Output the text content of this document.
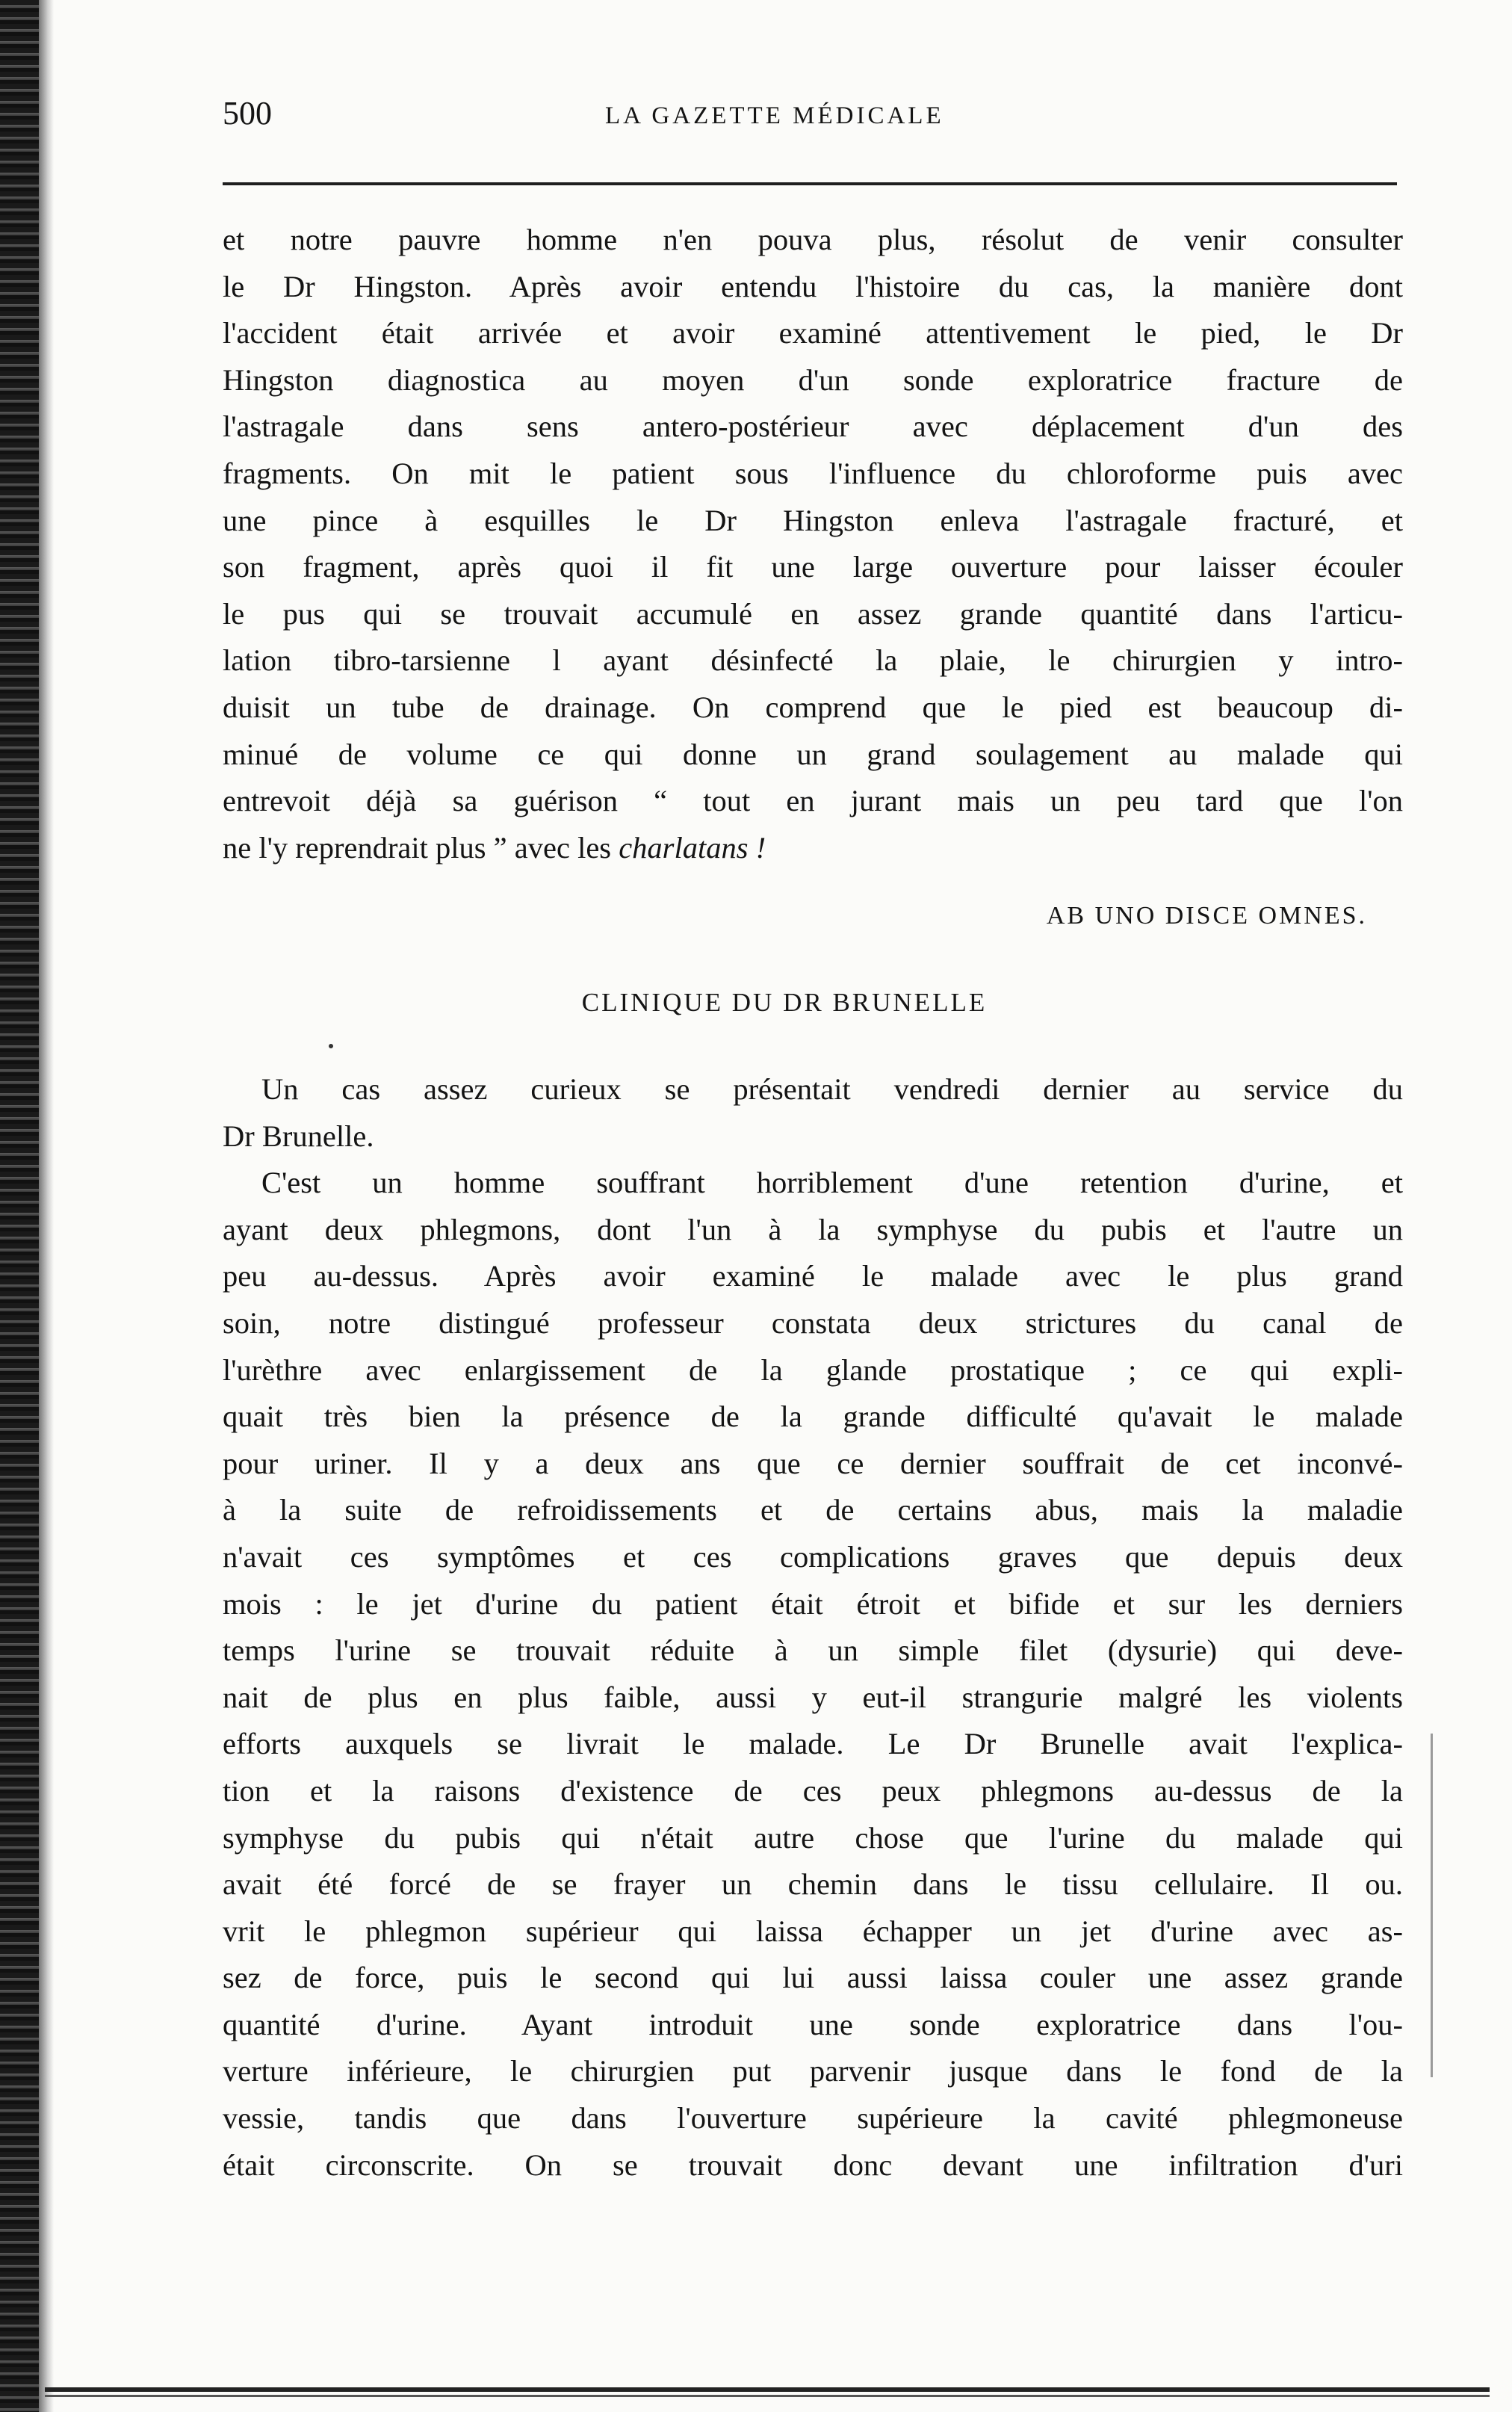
500	LA GAZETTE MÉDICALE
et notre pauvre homme n'en pouva plus, résolut de venir consulter
le Dr Hingston. Après avoir entendu l'histoire du cas, la manière dont
l'accident était arrivée et avoir examiné attentivement le pied, le Dr
Hingston diagnostica au moyen d'un sonde exploratrice fracture de
l'astragale dans sens antero-postérieur avec déplacement d'un des
fragments. On mit le patient sous l'influence du chloroforme puis avec
une pince à esquilles le Dr Hingston enleva l'astragale fracturé, et
son fragment, après quoi il fit une large ouverture pour laisser écouler
le pus qui se trouvait accumulé en assez grande quantité dans l'articu-
lation tibro-tarsienne l ayant désinfecté la plaie, le chirurgien y intro-
duisit un tube de drainage. On comprend que le pied est beaucoup di-
minué de volume ce qui donne un grand soulagement au malade qui
entrevoit déjà sa guérison “ tout en jurant mais un peu tard que l'on
ne l'y reprendrait plus ” avec les charlatans !
AB UNO DISCE OMNES.
CLINIQUE DU DR BRUNELLE
Un cas assez curieux se présentait vendredi dernier au service du
Dr Brunelle.
C'est un homme souffrant horriblement d'une retention d'urine, et
ayant deux phlegmons, dont l'un à la symphyse du pubis et l'autre un
peu au-dessus. Après avoir examiné le malade avec le plus grand
soin, notre distingué professeur constata deux strictures du canal de
l'urèthre avec enlargissement de la glande prostatique ; ce qui expli-
quait très bien la présence de la grande difficulté qu'avait le malade
pour uriner. Il y a deux ans que ce dernier souffrait de cet inconvé-
à la suite de refroidissements et de certains abus, mais la maladie
n'avait ces symptômes et ces complications graves que depuis deux
mois : le jet d'urine du patient était étroit et bifide et sur les derniers
temps l'urine se trouvait réduite à un simple filet (dysurie) qui deve-
nait de plus en plus faible, aussi y eut-il strangurie malgré les violents
efforts auxquels se livrait le malade. Le Dr Brunelle avait l'explica-
tion et la raisons d'existence de ces peux phlegmons au-dessus de la
symphyse du pubis qui n'était autre chose que l'urine du malade qui
avait été forcé de se frayer un chemin dans le tissu cellulaire. Il ou.
vrit le phlegmon supérieur qui laissa échapper un jet d'urine avec as-
sez de force, puis le second qui lui aussi laissa couler une assez grande
quantité d'urine. Ayant introduit une sonde exploratrice dans l'ou-
verture inférieure, le chirurgien put parvenir jusque dans le fond de la
vessie, tandis que dans l'ouverture supérieure la cavité phlegmoneuse
était circonscrite. On se trouvait donc devant une infiltration d'uri
